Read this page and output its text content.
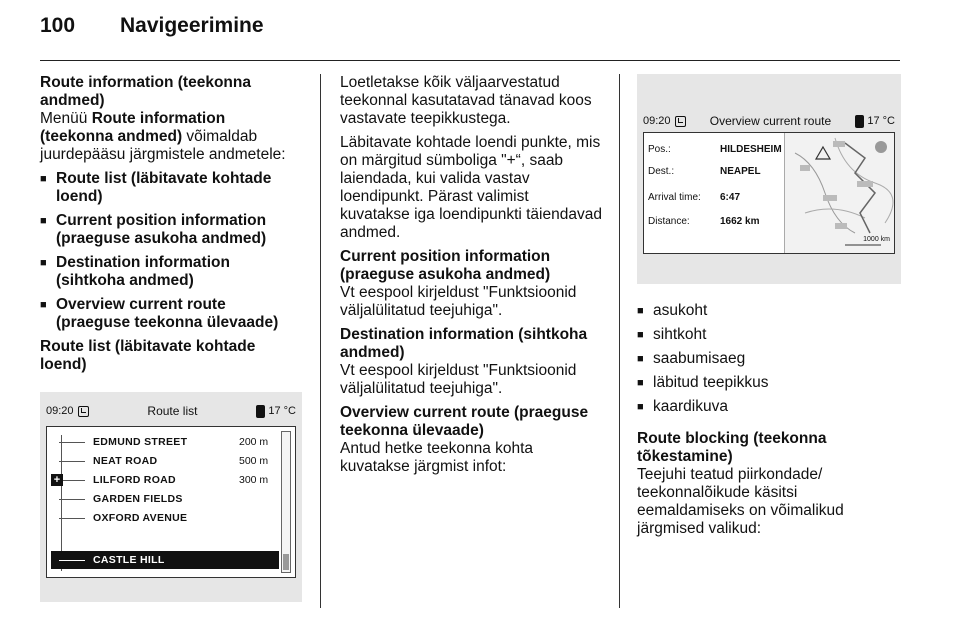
100	Navigeerimine
Route information (teekonna andmed)
Menüü Route information (teekonna andmed) võimaldab juurdepääsu järgmistele andmetele:
■ Route list (läbitavate kohtade loend)
■ Current position information (praeguse asukoha andmed)
■ Destination information (sihtkoha andmed)
■ Overview current route (praeguse teekonna ülevaade)
Route list (läbitavate kohtade loend)
09:20	Route list	17 °C
EDMUND STREET	200 m
NEAT ROAD	500 m
+	LILFORD ROAD	300 m
GARDEN FIELDS
OXFORD AVENUE
CASTLE HILL
Loetletakse kõik väljaarvestatud teekonnal kasutatavad tänavad koos vastavate teepikkustega.
Läbitavate kohtade loendi punkte, mis on märgitud sümboliga "+“, saab laiendada, kui valida vastav loendipunkt. Pärast valimist kuvatakse iga loendipunkti täiendavad andmed.
Current position information (praeguse asukoha andmed)
Vt eespool kirjeldust "Funktsioonid väljalülitatud teejuhiga".
Destination information (sihtkoha andmed)
Vt eespool kirjeldust "Funktsioonid väljalülitatud teejuhiga".
Overview current route (praeguse teekonna ülevaade)
Antud hetke teekonna kohta kuvatakse järgmist infot:
09:20	Overview current route	17 °C
Pos.:	HILDESHEIM
Dest.:	NEAPEL
Arrival time: 6:47
Distance:	1662 km
1000 km
■ asukoht
■ sihtkoht
■ saabumisaeg
■ läbitud teepikkus
■ kaardikuva
Route blocking (teekonna tõkestamine)
Teejuhi teatud piirkondade/ teekonnalõikude käsitsi eemaldamiseks on võimalikud järgmised valikud:
